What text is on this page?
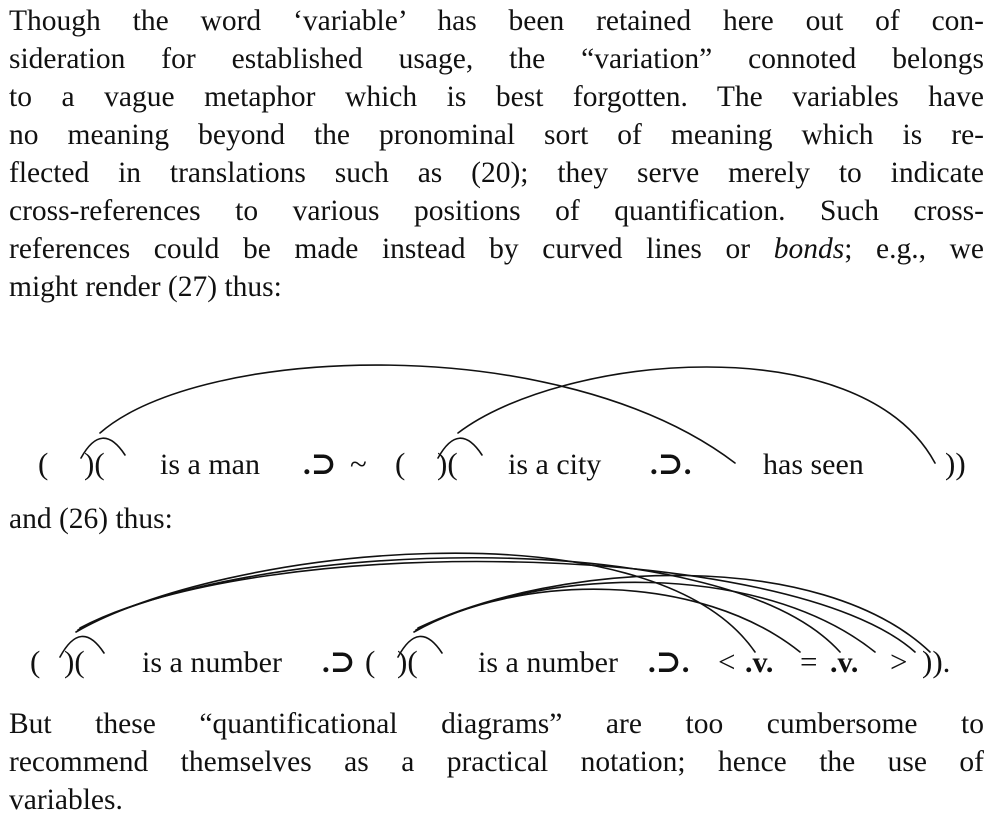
Though the word ‘variable’ has been retained here out of con-
sideration for established usage, the “variation” connoted belongs
to a vague metaphor which is best forgotten. The variables have
no meaning beyond the pronominal sort of meaning which is re-
flected in translations such as (20); they serve merely to indicate
cross-references to various positions of quantification. Such cross-
references could be made instead by curved lines or bonds; e.g., we
might render (27) thus:

and (26) thus:

But these “quantificational diagrams” are too cumbersome to
recommend themselves as a practical notation; hence the use of
variables.
( )( is a man .⊃ ~ ( )( is a city .⊃. has seen	))
( )( is a number .⊃ ( )( is a number .⊃. < .v. = .v. > )).
